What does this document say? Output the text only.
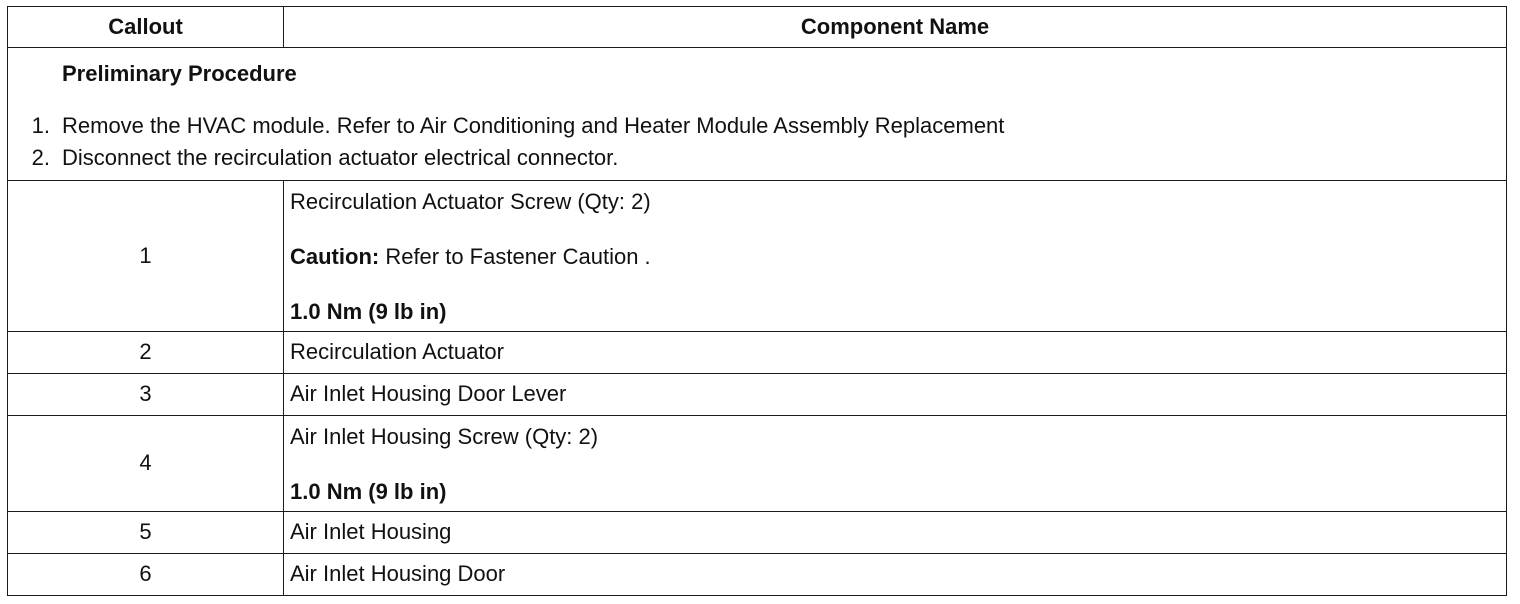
Callout	Component Name

Preliminary Procedure
1. Remove the HVAC module. Refer to Air Conditioning and Heater Module Assembly Replacement
2. Disconnect the recirculation actuator electrical connector.	

1	Recirculation Actuator Screw (Qty: 2)
Caution: Refer to Fastener Caution .
1.0 Nm (9 lb in)

2	Recirculation Actuator
3	Air Inlet Housing Door Lever
4	Air Inlet Housing Screw (Qty: 2)
1.0 Nm (9 lb in)

5	Air Inlet Housing
6	Air Inlet Housing Door
